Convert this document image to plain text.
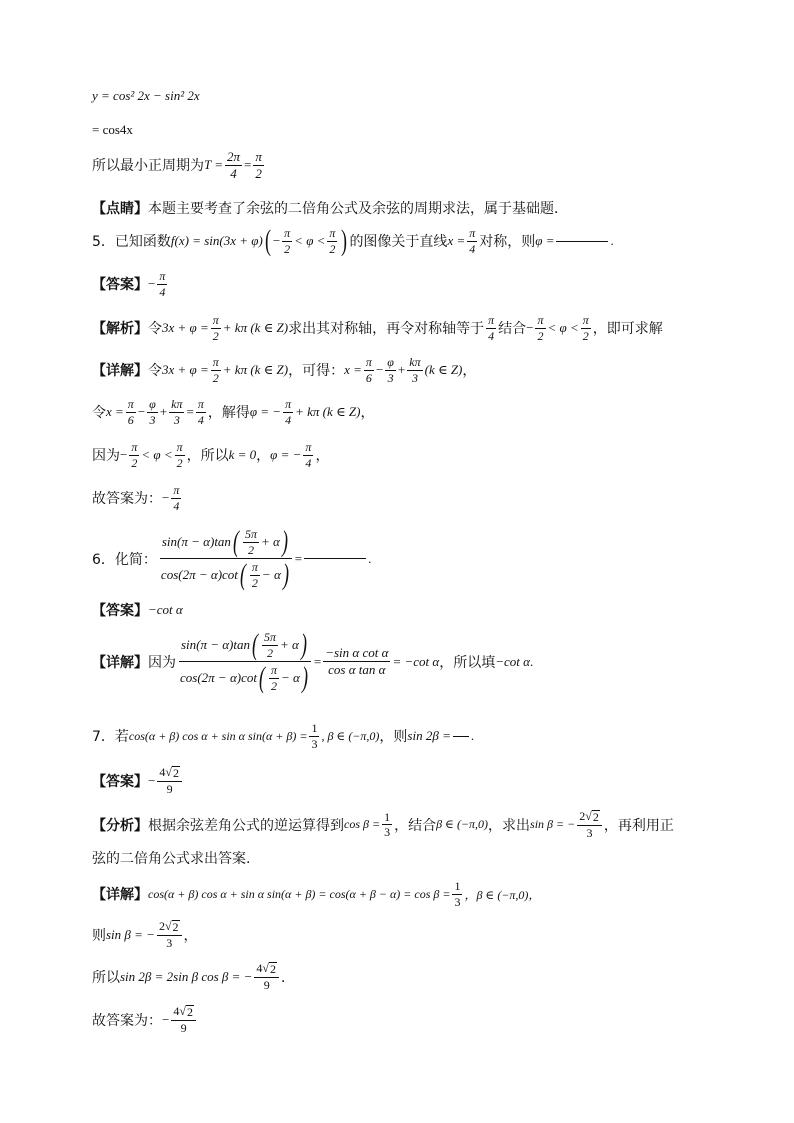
y = cos² 2x − sin² 2x
= cos4x
所以最小正周期为 $T = \frac{2\pi}{4} = \frac{\pi}{2}$
【点睛】 本题主要考查了余弦的二倍角公式及余弦的周期求法，属于基础题．
5．已知函数 f(x) = sin(3x + φ) ( − $\frac{\pi}{2} < \varphi < \frac{\pi}{2}$ ) 的图像关于直线 $x = \frac{\pi}{4}$ 对称，则 φ =	.
【答案】 − $\frac{\pi}{4}$
【解析】 令 $3x + \varphi = \frac{\pi}{2} + k\pi$ (k ∈ Z) 求出其对称轴，再令对称轴等于 $\frac{\pi}{4}$ 结合 − $\frac{\pi}{2} < \varphi < \frac{\pi}{2}$ ，即可求解
【详解】 令 $3x + \varphi = \frac{\pi}{2} + k\pi$ (k ∈ Z) ，可得： $x = \frac{\pi}{6} - \frac{\varphi}{3} + \frac{k\pi}{3} (k$ ∈ Z) ，
令 $x = \frac{\pi}{6} - \frac{\varphi}{3} + \frac{k\pi}{3} = \frac{\pi}{4}$ ，解得 φ = − $\frac{\pi}{4} + k\pi$ (k ∈ Z) ，
因为 − $\frac{\pi}{2} < \varphi < \frac{\pi}{2}$ ，所以 k = 0 ， φ = − $\frac{\pi}{4}$ ，
故答案为： − $\frac{\pi}{4}$
6．化简：
sin(π − α)tan ( $\frac{5\pi}{2} + \alpha$ )
cos(2π − α)cot ( $\frac{\pi}{2} - \alpha$ ) =	.
【答案】 −cot α
【详解】 因为
sin(π − α)tan ( $\frac{5\pi}{2} + \alpha$ )
cos(2π − α)cot ( $\frac{\pi}{2} - \alpha$ ) = $\frac{\text{−sin α cot α}}{\text{cos α tan α}} = -\cot$ α ，所以填 −cot α .
7．若 cos(α + β) cos α + sin α $\sin(\alpha + \beta) = \frac{1}{3}$ , β ∈ (−π,0) ，则 sin 2β = .
【答案】 − $\frac{4 √ 2}{9}$
【分析】 根据余弦差角公式的逆运算得到 $\cos \beta = \frac{1}{3}$ ，结合 β ∈ (−π,0) ，求出 sin β = − $\frac{2 √ 2}{3}$ ，再利用正
弦的二倍角公式求出答案.
【详解】 cos(α + β) cos α + sin α $\sin(\alpha + \beta) = \cos(\alpha + \beta - \alpha) = \cos \beta = \frac{1}{3}$ ，β ∈ (−π,0)，
则 sin β = − $\frac{2 √ 2}{3}$ ，
所以 sin 2β = 2sin β cos β = − $\frac{4 √ 2}{9}$ ．
故答案为： − $\frac{4 √ 2}{9}$
